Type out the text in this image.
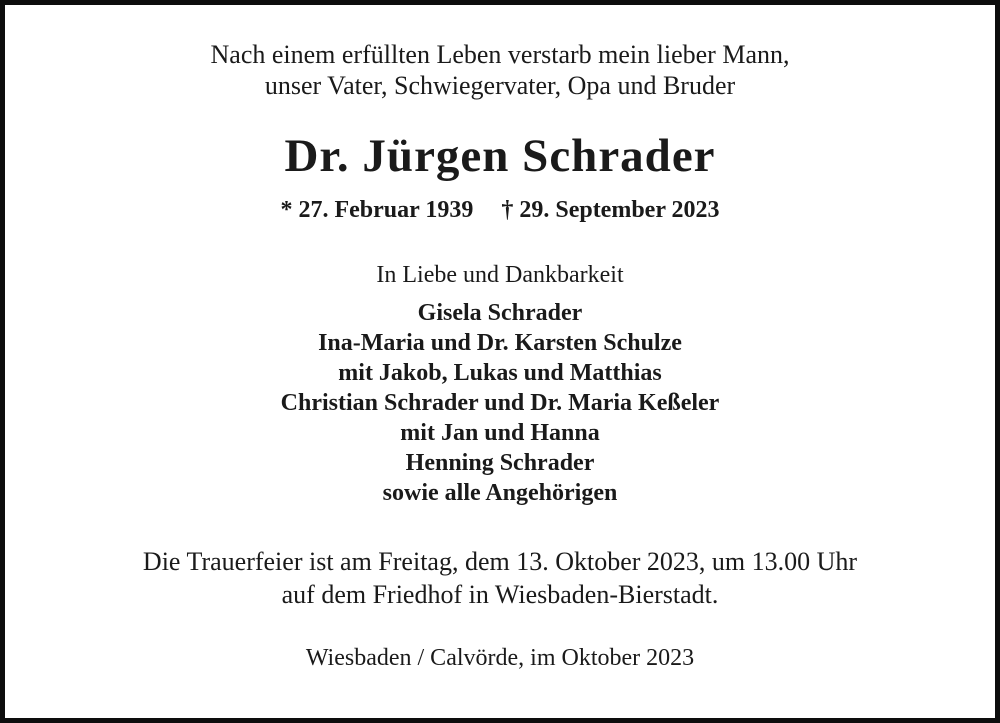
Nach einem erfüllten Leben verstarb mein lieber Mann,
unser Vater, Schwiegervater, Opa und Bruder
Dr. Jürgen Schrader
* 27. Februar 1939 † 29. September 2023
In Liebe und Dankbarkeit
Gisela Schrader
Ina-Maria und Dr. Karsten Schulze
mit Jakob, Lukas und Matthias
Christian Schrader und Dr. Maria Keßeler
mit Jan und Hanna
Henning Schrader
sowie alle Angehörigen
Die Trauerfeier ist am Freitag, dem 13. Oktober 2023, um 13.00 Uhr
auf dem Friedhof in Wiesbaden-Bierstadt.
Wiesbaden / Calvörde, im Oktober 2023
